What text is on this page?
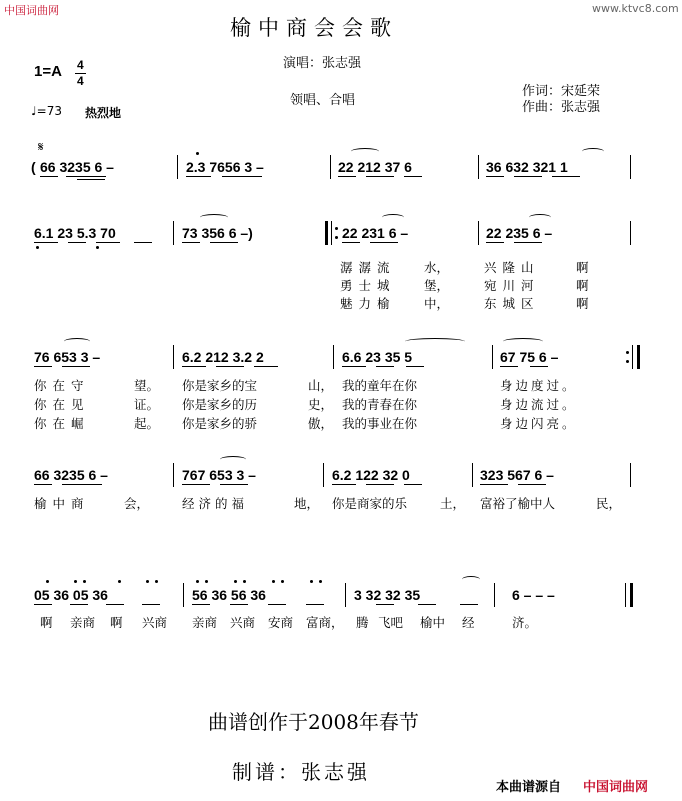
中国词曲网	www.ktvc8.com
榆中商会会歌
演唱：张志强
领唱、合唱
作词：宋延荣
作曲：张志强
1=A 4
4
♩=73 热烈地
𝄋
( 66 3235 6 –	2.3 7656 3 –	22 212 37 6	36 632 321 1
6.1 23 5.3 70	73 356 6 –)	22 231 6 –	22 235 6 –
潺潺流 水，	兴隆山	啊
勇士城 堡，	宛川河	啊
魅力榆 中，	东城区	啊
76 653 3 –	6.2 212 3.2 2	6.6 23 35 5	67 75 6 –
你在守	望。 你是家乡的宝	山， 我的童年在你	身边度过。
你在见	证。 你是家乡的历	史， 我的青春在你	身边流过。
你在崛	起。 你是家乡的骄	傲， 我的事业在你	身边闪亮。
66 3235 6 –	767 653 3 –	6.2 122 32 0	323 567 6 –
榆中商	会，	经济的福	地， 你是商家的乐	土， 富裕了榆中人	民，
05 36 05 36	56 36 56 36	3 32 32 35	6 – – –
啊 亲商 啊 兴商 亲商 兴商 安商 富商， 腾 飞吧 榆中 经	济。
曲谱创作于2008年春节
制谱：张志强
本曲谱源自 中国词曲网
